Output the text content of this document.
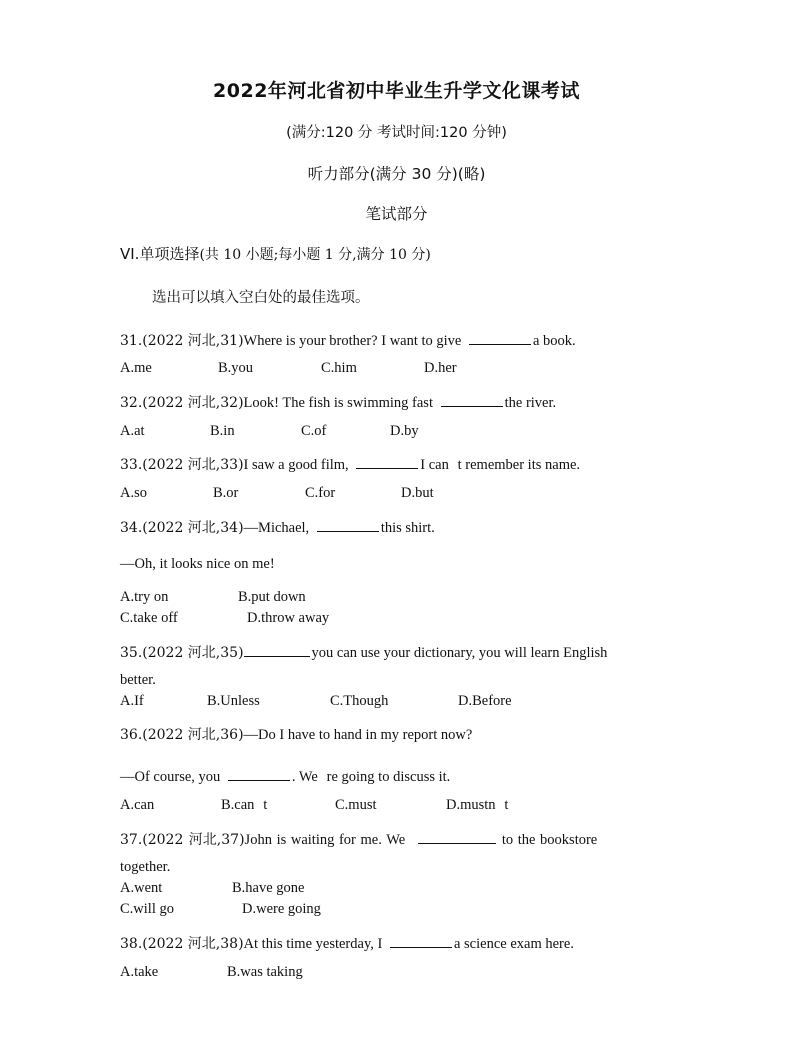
2022年河北省初中毕业生升学文化课考试
(满分:120 分 考试时间:120 分钟)
听力部分(满分 30 分)(略)
笔试部分
VI.单项选择(共 10 小题;每小题 1 分,满分 10 分)
选出可以填入空白处的最佳选项。
31.(2022 河北,31)Where is your brother? I want to give	a book.
A.me	B.you	C.him	D.her
32.(2022 河北,32)Look! The fish is swimming fast	the river.
A.at	B.in	C.of	D.by
33.(2022 河北,33)I saw a good film,	I cant remember its name.
A.so	B.or	C.for	D.but
34.(2022 河北,34)—Michael,	this shirt.
—Oh, it looks nice on me!
A.try on	B.put down
C.take off	D.throw away
35.(2022 河北,35)	you can use your dictionary, you will learn English
better.
A.If	B.Unless	C.Though	D.Before
36.(2022 河北,36)—Do I have to hand in my report now?
—Of course, you	. Were going to discuss it.
A.can	B.cant	C.must	D.mustnt
37.(2022 河北,37)John is waiting for me. We	to the bookstore
together.
A.went	B.have gone
C.will go	D.were going
38.(2022 河北,38)At this time yesterday, I	a science exam here.
A.take	B.was taking
